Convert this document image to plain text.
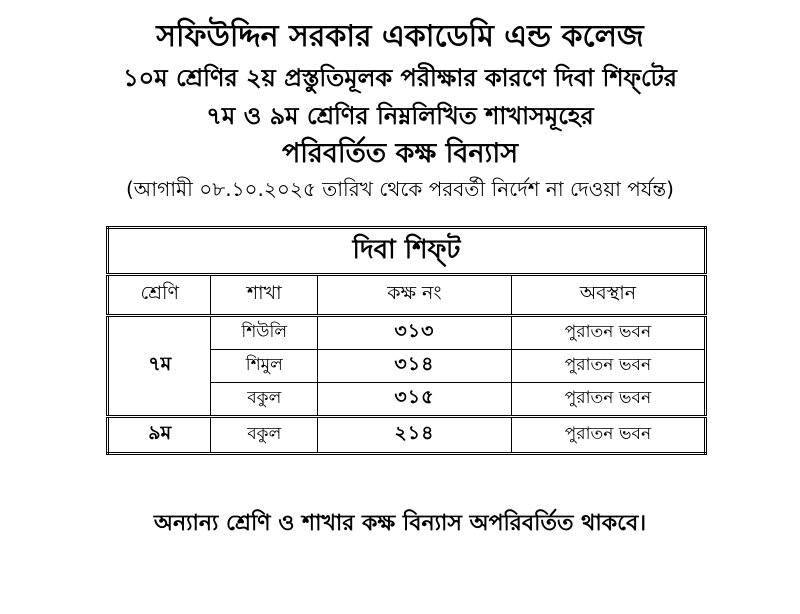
সফিউদ্দিন সরকার একাডেমি এন্ড কলেজ
১০ম শ্রেণির ২য় প্রস্তুতিমূলক পরীক্ষার কারণে দিবা শিফ্‌টের
৭ম ও ৯ম শ্রেণির নিম্নলিখিত শাখাসমূহের
পরিবর্তিত কক্ষ বিন্যাস
(আগামী ০৮.১০.২০২৫ তারিখ থেকে পরবর্তী নির্দেশ না দেওয়া পর্যন্ত)
দিবা শিফ্‌ট			
শ্রেণি	শাখা	কক্ষ নং	অবস্থান
৭ম	শিউলি	৩১৩	পুরাতন ভবন
	শিমুল	৩১৪	পুরাতন ভবন
	বকুল	৩১৫	পুরাতন ভবন
৯ম	বকুল	২১৪	পুরাতন ভবন
অন্যান্য শ্রেণি ও শাখার কক্ষ বিন্যাস অপরিবর্তিত থাকবে।
